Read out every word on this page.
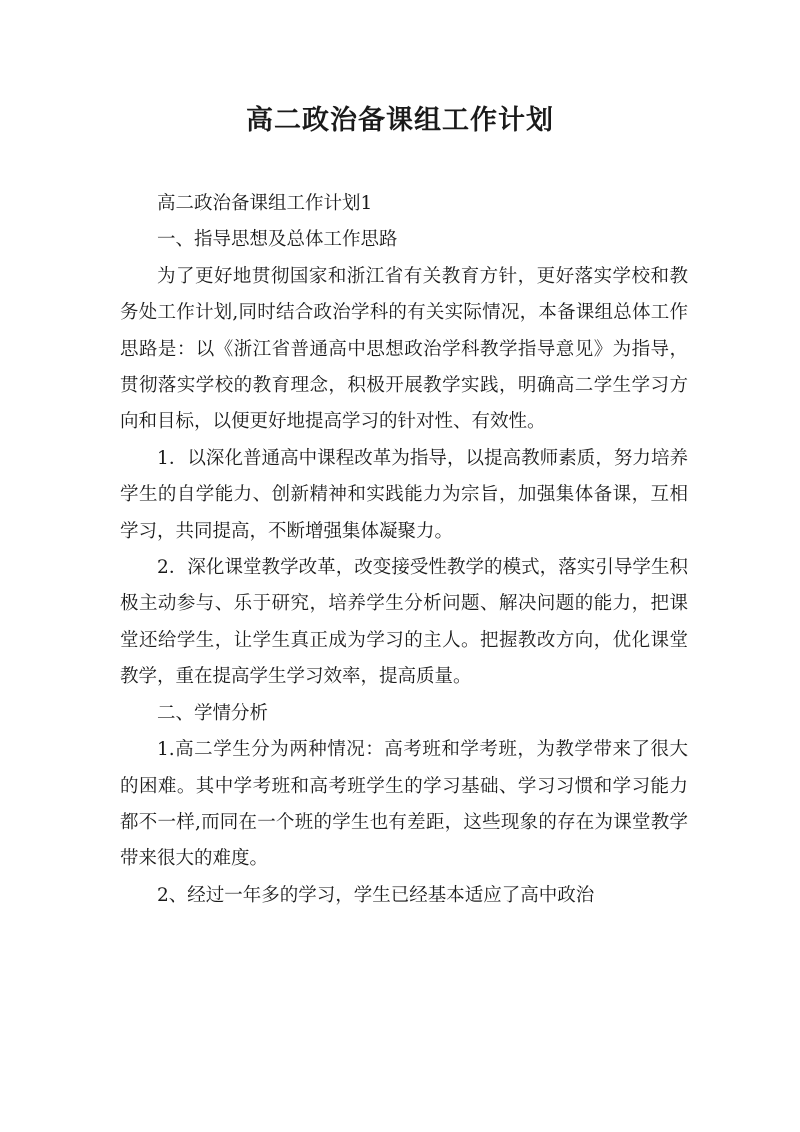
高二政治备课组工作计划

高二政治备课组工作计划1

一、指导思想及总体工作思路

为了更好地贯彻国家和浙江省有关教育方针，更好落实学校和教务处工作计划,同时结合政治学科的有关实际情况，本备课组总体工作思路是：以《浙江省普通高中思想政治学科教学指导意见》为指导，贯彻落实学校的教育理念，积极开展教学实践，明确高二学生学习方向和目标，以便更好地提高学习的针对性、有效性。

1．以深化普通高中课程改革为指导，以提高教师素质，努力培养学生的自学能力、创新精神和实践能力为宗旨，加强集体备课，互相学习，共同提高，不断增强集体凝聚力。

2．深化课堂教学改革，改变接受性教学的模式，落实引导学生积极主动参与、乐于研究，培养学生分析问题、解决问题的能力，把课堂还给学生，让学生真正成为学习的主人。把握教改方向，优化课堂教学，重在提高学生学习效率，提高质量。

二、学情分析

1.高二学生分为两种情况：高考班和学考班，为教学带来了很大的困难。其中学考班和高考班学生的学习基础、学习习惯和学习能力都不一样,而同在一个班的学生也有差距，这些现象的存在为课堂教学带来很大的难度。

2、经过一年多的学习，学生已经基本适应了高中政治
